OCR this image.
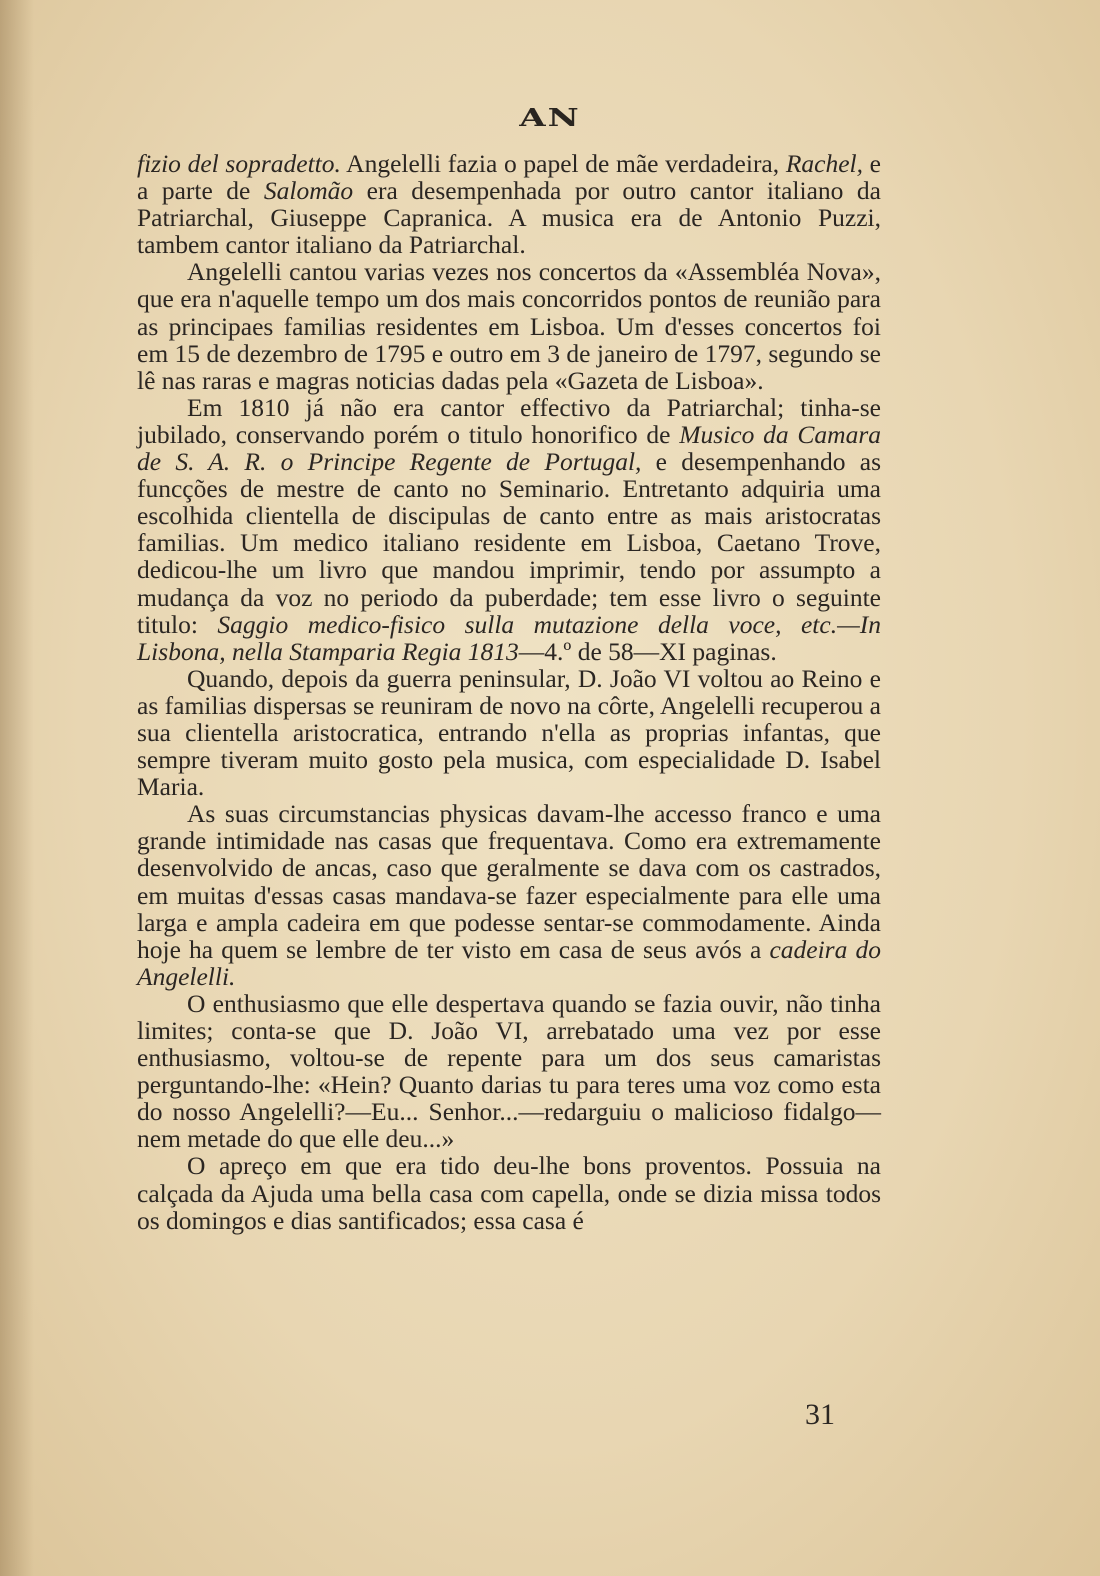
AN

fizio del sopradetto. Angelelli fazia o papel de mãe verdadeira, Rachel, e a parte de Salomão era desempenhada por outro cantor italiano da Patriarchal, Giuseppe Capranica. A musica era de Antonio Puzzi, tambem cantor italiano da Patriarchal.

Angelelli cantou varias vezes nos concertos da «Assembléa Nova», que era n'aquelle tempo um dos mais concorridos pontos de reunião para as principaes familias residentes em Lisboa. Um d'esses concertos foi em 15 de dezembro de 1795 e outro em 3 de janeiro de 1797, segundo se lê nas raras e magras noticias dadas pela «Gazeta de Lisboa».

Em 1810 já não era cantor effectivo da Patriarchal; tinha-se jubilado, conservando porém o titulo honorifico de Musico da Camara de S. A. R. o Principe Regente de Portugal, e desempenhando as funcções de mestre de canto no Seminario. Entretanto adquiria uma escolhida clientella de discipulas de canto entre as mais aristocratas familias. Um medico italiano residente em Lisboa, Caetano Trove, dedicou-lhe um livro que mandou imprimir, tendo por assumpto a mudança da voz no periodo da puberdade; tem esse livro o seguinte titulo: Saggio medico-fisico sulla mutazione della voce, etc.—In Lisbona, nella Stamparia Regia 1813—4.º de 58—XI paginas.

Quando, depois da guerra peninsular, D. João VI voltou ao Reino e as familias dispersas se reuniram de novo na côrte, Angelelli recuperou a sua clientella aristocratica, entrando n'ella as proprias infantas, que sempre tiveram muito gosto pela musica, com especialidade D. Isabel Maria.

As suas circumstancias physicas davam-lhe accesso franco e uma grande intimidade nas casas que frequentava. Como era extremamente desenvolvido de ancas, caso que geralmente se dava com os castrados, em muitas d'essas casas mandava-se fazer especialmente para elle uma larga e ampla cadeira em que podesse sentar-se commodamente. Ainda hoje ha quem se lembre de ter visto em casa de seus avós a cadeira do Angelelli.

O enthusiasmo que elle despertava quando se fazia ouvir, não tinha limites; conta-se que D. João VI, arrebatado uma vez por esse enthusiasmo, voltou-se de repente para um dos seus camaristas perguntando-lhe: «Hein? Quanto darias tu para teres uma voz como esta do nosso Angelelli?—Eu... Senhor...—redarguiu o malicioso fidalgo—nem metade do que elle deu...»

O apreço em que era tido deu-lhe bons proventos. Possuia na calçada da Ajuda uma bella casa com capella, onde se dizia missa todos os domingos e dias santificados; essa casa é

31
